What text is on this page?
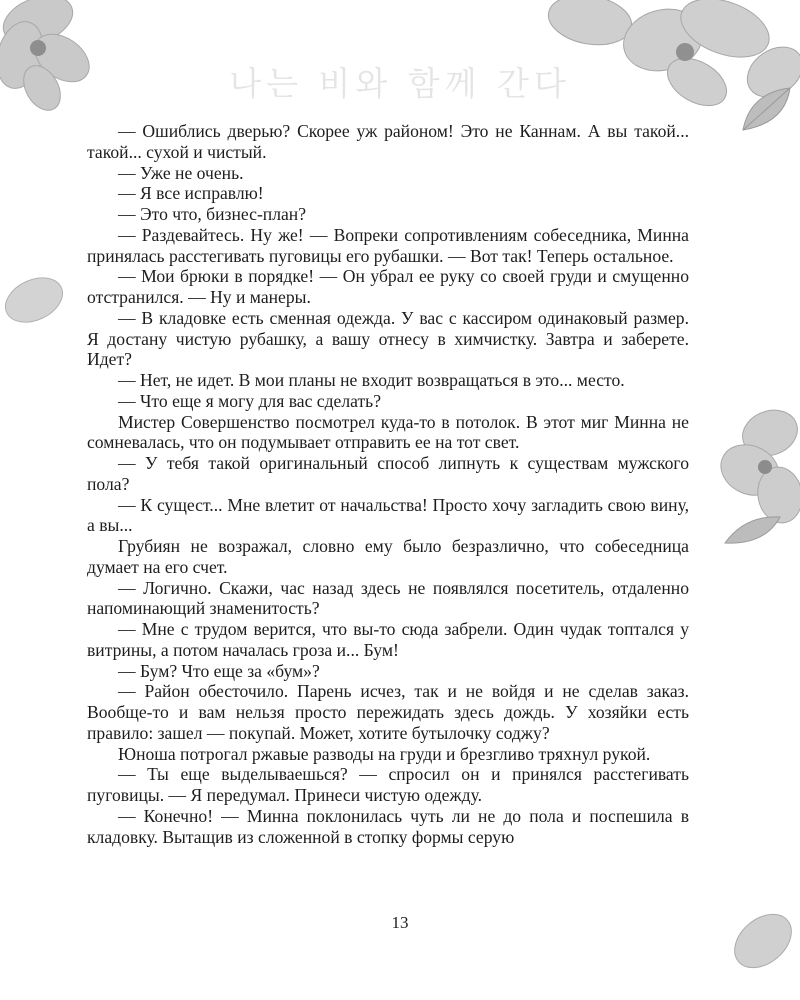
나는 비와 함께 간다

— Ошиблись дверью? Скорее уж районом! Это не Каннам. А вы такой... такой... сухой и чистый.

— Уже не очень.

— Я все исправлю!

— Это что, бизнес-план?

— Раздевайтесь. Ну же! — Вопреки сопротивлениям собеседника, Минна принялась расстегивать пуговицы его рубашки. — Вот так! Теперь остальное.

— Мои брюки в порядке! — Он убрал ее руку со своей груди и смущенно отстранился. — Ну и манеры.

— В кладовке есть сменная одежда. У вас с кассиром одинаковый размер. Я достану чистую рубашку, а вашу отнесу в химчистку. Завтра и заберете. Идет?

— Нет, не идет. В мои планы не входит возвращаться в это... место.

— Что еще я могу для вас сделать?

Мистер Совершенство посмотрел куда-то в потолок. В этот миг Минна не сомневалась, что он подумывает отправить ее на тот свет.

— У тебя такой оригинальный способ липнуть к существам мужского пола?

— К сущест... Мне влетит от начальства! Просто хочу загладить свою вину, а вы...

Грубиян не возражал, словно ему было безразлично, что собеседница думает на его счет.

— Логично. Скажи, час назад здесь не появлялся посетитель, отдаленно напоминающий знаменитость?

— Мне с трудом верится, что вы-то сюда забрели. Один чудак топтался у витрины, а потом началась гроза и... Бум!

— Бум? Что еще за «бум»?

— Район обесточило. Парень исчез, так и не войдя и не сделав заказ. Вообще-то и вам нельзя просто пережидать здесь дождь. У хозяйки есть правило: зашел — покупай. Может, хотите бутылочку соджу?

Юноша потрогал ржавые разводы на груди и брезгливо тряхнул рукой.

— Ты еще выделываешься? — спросил он и принялся расстегивать пуговицы. — Я передумал. Принеси чистую одежду.

— Конечно! — Минна поклонилась чуть ли не до пола и поспешила в кладовку. Вытащив из сложенной в стопку формы серую

13
